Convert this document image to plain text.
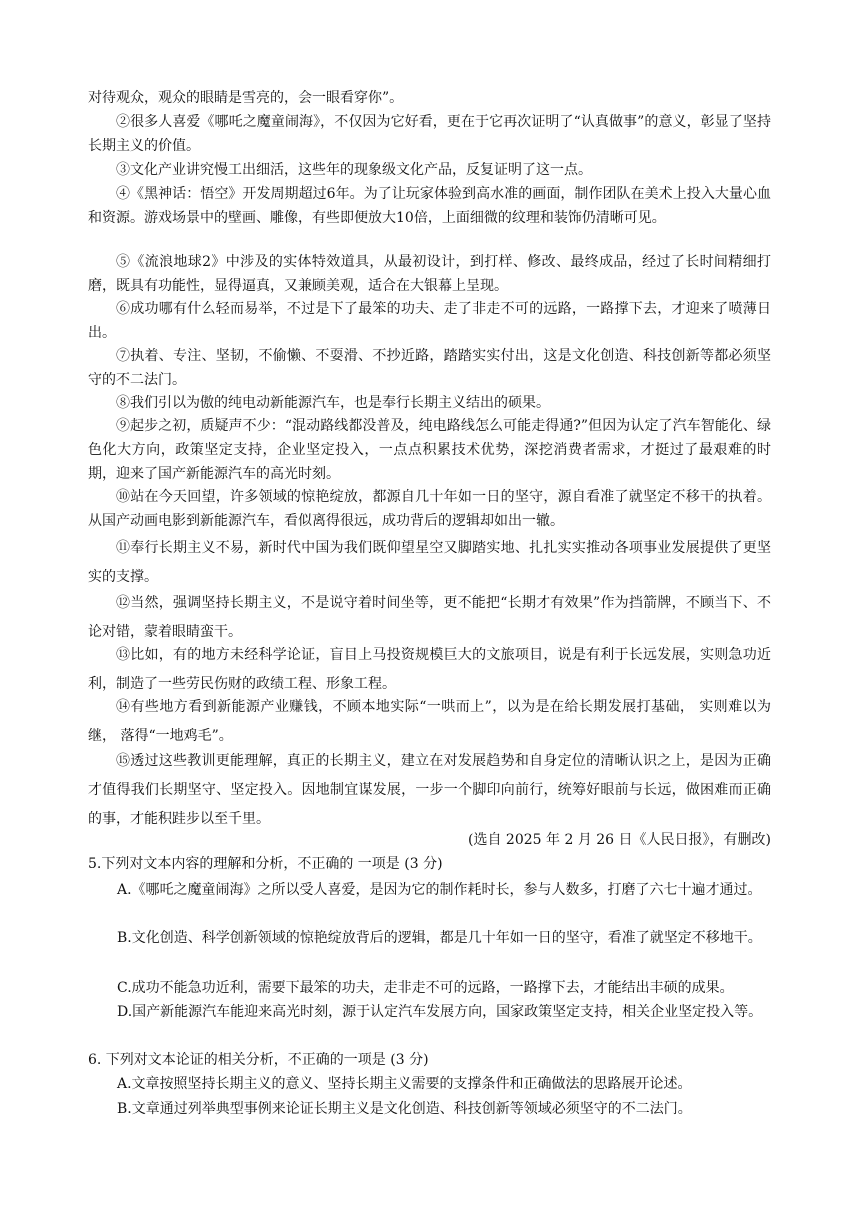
对待观众，观众的眼睛是雪亮的，会一眼看穿你”。

②很多人喜爱《哪吒之魔童闹海》，不仅因为它好看，更在于它再次证明了“认真做事”的意义，彰显了坚持长期主义的价值。

③文化产业讲究慢工出细活，这些年的现象级文化产品，反复证明了这一点。

④《黑神话：悟空》开发周期超过6年。为了让玩家体验到高水准的画面，制作团队在美术上投入大量心血和资源。游戏场景中的壁画、雕像，有些即便放大10倍，上面细微的纹理和装饰仍清晰可见。

⑤《流浪地球2》中涉及的实体特效道具，从最初设计，到打样、修改、最终成品，经过了长时间精细打磨，既具有功能性，显得逼真，又兼顾美观，适合在大银幕上呈现。

⑥成功哪有什么轻而易举，不过是下了最笨的功夫、走了非走不可的远路，一路撑下去，才迎来了喷薄日出。

⑦执着、专注、坚韧，不偷懒、不耍滑、不抄近路，踏踏实实付出，这是文化创造、科技创新等都必须坚守的不二法门。

⑧我们引以为傲的纯电动新能源汽车，也是奉行长期主义结出的硕果。

⑨起步之初，质疑声不少：“混动路线都没普及，纯电路线怎么可能走得通?”但因为认定了汽车智能化、绿色化大方向，政策坚定支持，企业坚定投入，一点点积累技术优势，深挖消费者需求，才挺过了最艰难的时期，迎来了国产新能源汽车的高光时刻。

⑩站在今天回望，许多领域的惊艳绽放，都源自几十年如一日的坚守，源自看准了就坚定不移干的执着。从国产动画电影到新能源汽车，看似离得很远，成功背后的逻辑却如出一辙。

⑪奉行长期主义不易，新时代中国为我们既仰望星空又脚踏实地、扎扎实实推动各项事业发展提供了更坚实的支撑。

⑫当然，强调坚持长期主义，不是说守着时间坐等，更不能把“长期才有效果”作为挡箭牌，不顾当下、不论对错，蒙着眼睛蛮干。

⑬比如，有的地方未经科学论证，盲目上马投资规模巨大的文旅项目，说是有利于长远发展，实则急功近利，制造了一些劳民伤财的政绩工程、形象工程。

⑭有些地方看到新能源产业赚钱，不顾本地实际“一哄而上”，以为是在给长期发展打基础， 实则难以为继， 落得“一地鸡毛”。

⑮透过这些教训更能理解，真正的长期主义，建立在对发展趋势和自身定位的清晰认识之上，是因为正确才值得我们长期坚守、坚定投入。因地制宜谋发展，一步一个脚印向前行，统筹好眼前与长远，做困难而正确的事，才能积跬步以至千里。

(选自 2025 年 2 月 26 日《人民日报》，有删改)

5.下列对文本内容的理解和分析，不正确的 一项是 (3 分)

A.《哪吒之魔童闹海》之所以受人喜爱，是因为它的制作耗时长，参与人数多，打磨了六七十遍才通过。

B.文化创造、科学创新领域的惊艳绽放背后的逻辑，都是几十年如一日的坚守，看准了就坚定不移地干。

C.成功不能急功近利，需要下最笨的功夫，走非走不可的远路，一路撑下去，才能结出丰硕的成果。

D.国产新能源汽车能迎来高光时刻，源于认定汽车发展方向，国家政策坚定支持，相关企业坚定投入等。

6. 下列对文本论证的相关分析，不正确的一项是 (3 分)

A.文章按照坚持长期主义的意义、坚持长期主义需要的支撑条件和正确做法的思路展开论述。

B.文章通过列举典型事例来论证长期主义是文化创造、科技创新等领域必须坚守的不二法门。
